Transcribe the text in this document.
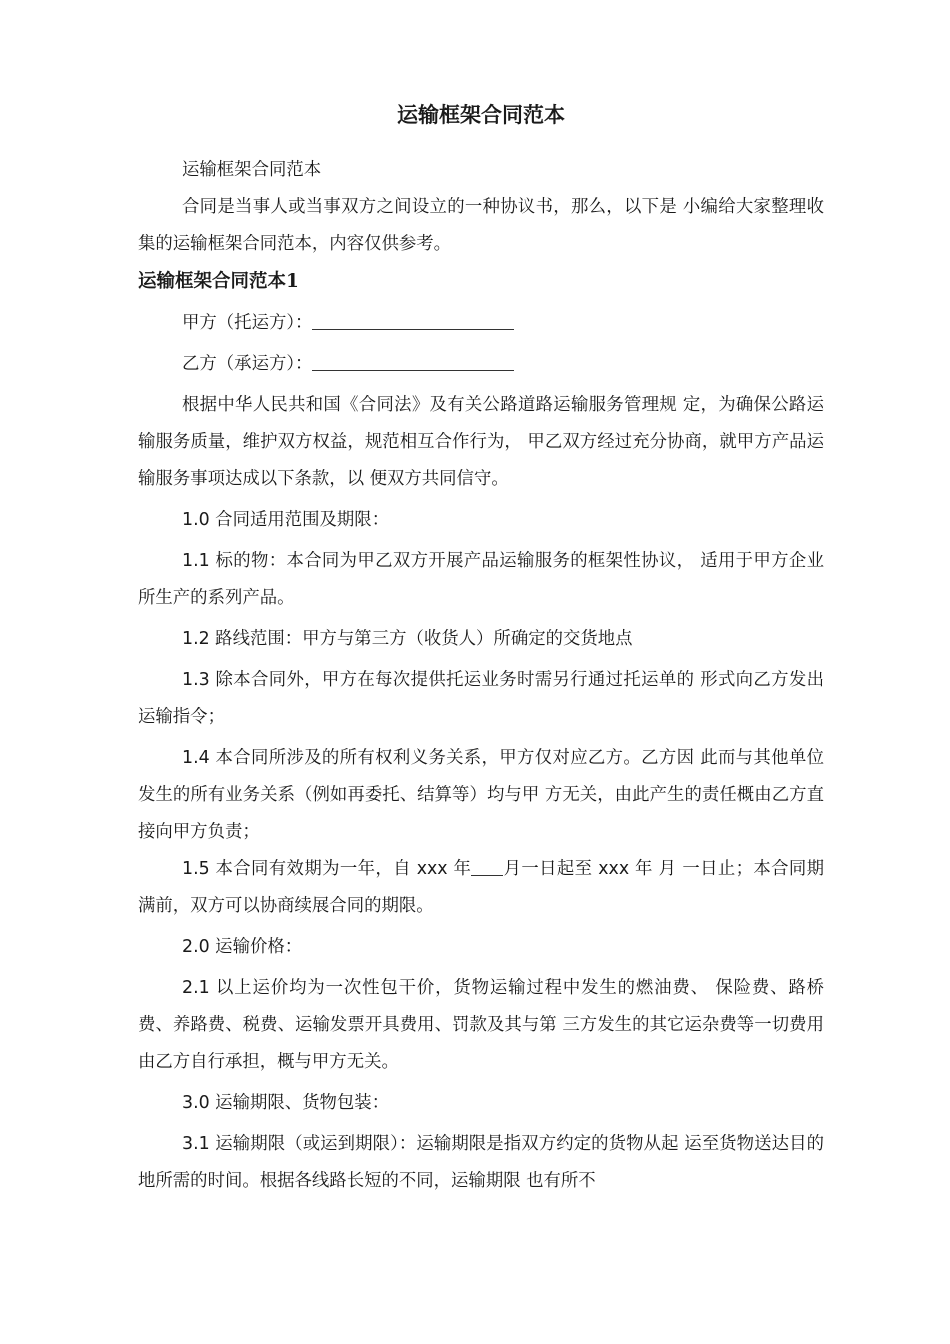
运输框架合同范本

运输框架合同范本

合同是当事人或当事双方之间设立的一种协议书，那么，以下是 小编给大家整理收集的运输框架合同范本，内容仅供参考。

运输框架合同范本1

甲方（托运方）：

乙方（承运方）：

根据中华人民共和国《合同法》及有关公路道路运输服务管理规 定，为确保公路运输服务质量，维护双方权益，规范相互合作行为， 甲乙双方经过充分协商，就甲方产品运输服务事项达成以下条款，以 便双方共同信守。

1.0 合同适用范围及期限：

1.1 标的物：本合同为甲乙双方开展产品运输服务的框架性协议， 适用于甲方企业所生产的系列产品。

1.2 路线范围：甲方与第三方（收货人）所确定的交货地点

1.3 除本合同外，甲方在每次提供托运业务时需另行通过托运单的 形式向乙方发出运输指令；

1.4 本合同所涉及的所有权利义务关系，甲方仅对应乙方。乙方因 此而与其他单位发生的所有业务关系（例如再委托、结算等）均与甲 方无关，由此产生的责任概由乙方直接向甲方负责；

1.5 本合同有效期为一年，自 xxx 年 月一日起至 xxx 年 月 一日止；本合同期满前，双方可以协商续展合同的期限。

2.0 运输价格：

2.1 以上运价均为一次性包干价，货物运输过程中发生的燃油费、 保险费、路桥费、养路费、税费、运输发票开具费用、罚款及其与第 三方发生的其它运杂费等一切费用由乙方自行承担，概与甲方无关。

3.0 运输期限、货物包装：

3.1 运输期限（或运到期限）：运输期限是指双方约定的货物从起 运至货物送达目的地所需的时间。根据各线路长短的不同，运输期限 也有所不
